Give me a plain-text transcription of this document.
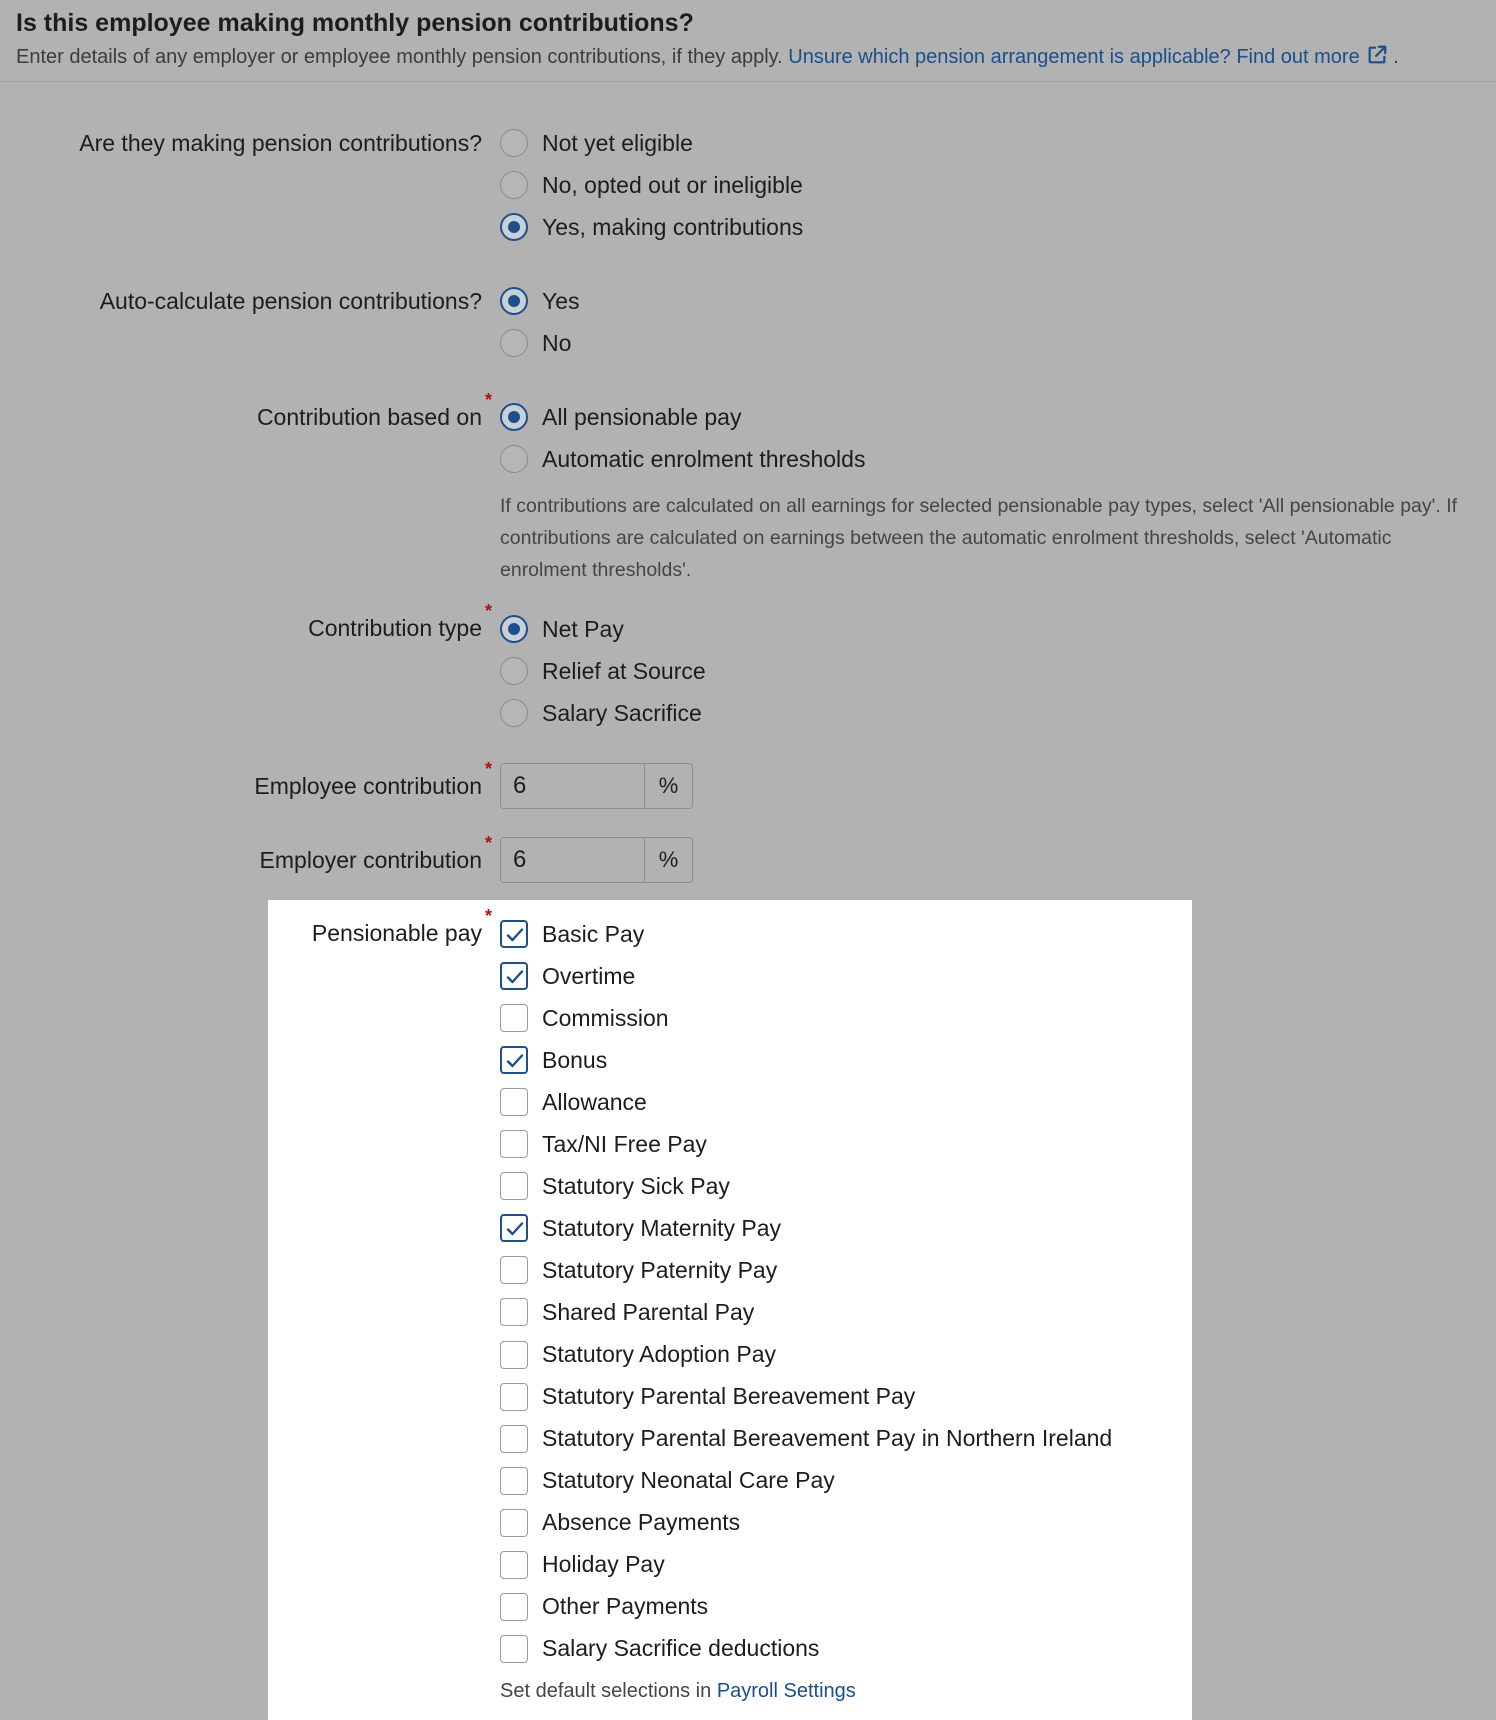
Is this employee making monthly pension contributions?
Enter details of any employer or employee monthly pension contributions, if they apply. Unsure which pension arrangement is applicable? Find out more .
Are they making pension contributions?	Not yet eligible
No, opted out or ineligible
Yes, making contributions
Auto-calculate pension contributions?	Yes
No
Contribution based on
*
All pensionable pay
Automatic enrolment thresholds
If contributions are calculated on all earnings for selected pensionable pay types, select 'All pensionable pay'. If contributions are calculated on earnings between the automatic enrolment thresholds, select 'Automatic enrolment thresholds'.
Contribution type
*
Net Pay
Relief at Source
Salary Sacrifice
Employee contribution
*
6
%
Employer contribution
*
6
%
Pensionable pay
*
Basic Pay
Overtime
Commission
Bonus
Allowance
Tax/NI Free Pay
Statutory Sick Pay
Statutory Maternity Pay
Statutory Paternity Pay
Shared Parental Pay
Statutory Adoption Pay
Statutory Parental Bereavement Pay
Statutory Parental Bereavement Pay in Northern Ireland
Statutory Neonatal Care Pay
Absence Payments
Holiday Pay
Other Payments
Salary Sacrifice deductions
Set default selections in Payroll Settings
